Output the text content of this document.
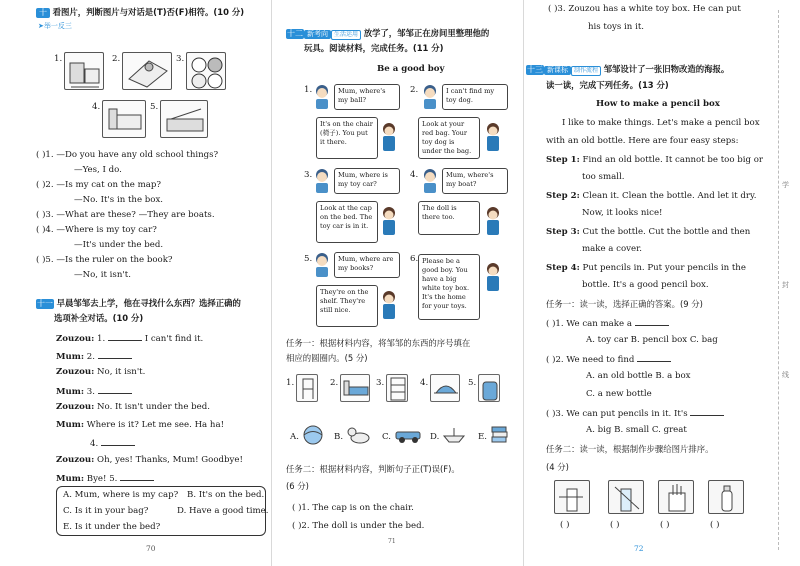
十 看图片，判断图片与对话是(T)否(F)相符。(10 分)
➤举一反三
1.	2.	3.
4.	5.
( )1. —Do you have any old school things?
—Yes, I do.
( )2. —Is my cat on the map?
—No. It's in the box.
( )3. —What are these? —They are boats.
( )4. —Where is my toy car?
—It's under the bed.
( )5. —Is the ruler on the book?
—No, it isn't.
十一 早晨邹邹去上学，他在寻找什么东西？选择正确的
选项补全对话。(10 分)
Zouzou: 1.	I can't find it.
Mum: 2.
Zouzou: No, it isn't.
Mum: 3.
Zouzou: No. It isn't under the bed.
Mum: Where is it? Let me see. Ha ha!
4.
Zouzou: Oh, yes! Thanks, Mum! Goodbye!
Mum: Bye! 5.
A. Mum, where is my cap? B. It's on the bed.
C. Is it in your bag?	D. Have a good time.
E. Is it under the bed?
70
十二 新考向 生活运用 放学了，邹邹正在房间里整理他的
玩具。阅读材料，完成任务。(11 分)
Be a good boy
1.	Mum, where's my ball?
2.	I can't find my toy dog.
It's on the chair (椅子). You put it there.
Look at your red bag. Your toy dog is under the bag.
3.	Mum, where is my toy car?
4.	Mum, where's my boat?
Look at the cap on the bed. The toy car is in it.
The doll is there too.
5.	Mum, where are my books?
6. Please be a good boy. You have a big white toy box. It's the home for your toys.
They're on the shelf. They're still nice.
任务一：根据材料内容，将邹邹的东西的序号填在
相应的圆圈内。(5 分)
1.	2.	3.	4.	5.
A.	B.	C.	D.	E.
任务二：根据材料内容，判断句子正(T)误(F)。
(6 分)
( )1. The cap is on the chair.
( )2. The doll is under the bed.
71
( )3. Zouzou has a white toy box. He can put
his toys in it.
十三 新课标 制作流程 邹邹设计了一张旧物改造的海报。
读一读，完成下列任务。(13 分)
How to make a pencil box
I like to make things. Let's make a pencil box
with an old bottle. Here are four easy steps:
Step 1: Find an old bottle. It cannot be too big or
too small.
Step 2: Clean it. Clean the bottle. And let it dry.
Now, it looks nice!
Step 3: Cut the bottle. Cut the bottle and then
make a cover.
Step 4: Put pencils in. Put your pencils in the
bottle. It's a good pencil box.
任务一：读一读，选择正确的答案。(9 分)
( )1. We can make a
A. toy car B. pencil box C. bag
( )2. We need to find
A. an old bottle B. a box
C. a new bottle
( )3. We can put pencils in it. It's
A. big B. small C. great
任务二：读一读，根据制作步骤给图片排序。
(4 分)
( )	( )	( )	( )
72
学
封
线
